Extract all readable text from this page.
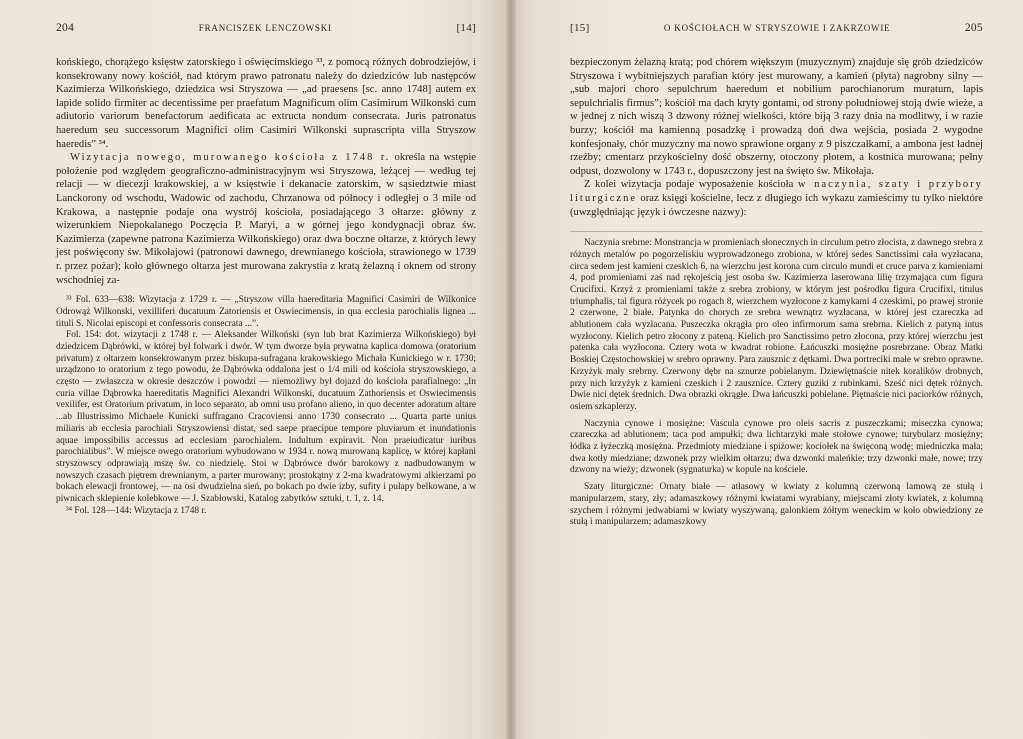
204	FRANCISZEK LENCZOWSKI	[14]

końskiego, chorążego księstw zatorskiego i oświęcimskiego ³³, z pomocą różnych dobrodziejów, i konsekrowany nowy kościół, nad którym prawo patronatu należy do dziedziców lub następców Kazimierza Wilkońskiego, dziedzica wsi Stryszowa — „ad praesens [sc. anno 1748] autem ex lapide solido firmiter ac decentissime per praefatum Magnificum olim Casimirum Wilkonski cum adiutorio variorum benefactorum aedificata ac extructa nondum consecrata. Juris patronatus haeredum seu successorum Magnifici olim Casimiri Wilkonski suprascripta villa Stryszow haeredis” ³⁴.

Wizytacja nowego, murowanego kościoła z 1748 r. określa na wstępie położenie pod względem geograficzno-administracyjnym wsi Stryszowa, leżącej — według tej relacji — w diecezji krakowskiej, a w księstwie i dekanacie zatorskim, w sąsiedztwie miast Lanckorony od wschodu, Wadowic od zachodu, Chrzanowa od północy i odległej o 3 mile od Krakowa, a następnie podaje ona wystrój kościoła, posiadającego 3 ołtarze: główny z wizerunkiem Niepokalanego Poczęcia P. Maryi, a w górnej jego kondygnacji obraz św. Kazimierza (zapewne patrona Kazimierza Wilkońskiego) oraz dwa boczne ołtarze, z których lewy jest poświęcony św. Mikołajowi (patronowi dawnego, drewnianego kościoła, strawionego w 1739 r. przez pożar); koło głównego ołtarza jest murowana zakrystia z kratą żelazną i oknem od strony wschodniej za-

³³ Fol. 633—638: Wizytacja z 1729 r. — „Stryszow villa haereditaria Magnifici Casimiri de Wilkonice Odrowąż Wilkonski, vexilliferi ducatuum Zatoriensis et Oswiecimensis, in qua ecclesia parochialis lignea ... tituli S. Nicolai episcopi et confessoris consecrata ...”.

Fol. 154: dot. wizytacji z 1748 r. — Aleksander Wilkoński (syn lub brat Kazimierza Wilkońskiego) był dziedzicem Dąbrówki, w której był folwark i dwór. W tym dworze była prywatna kaplica domowa (oratorium privatum) z ołtarzem konsekrowanym przez biskupa-sufragana krakowskiego Michała Kunickiego w r. 1730; urządzono to oratorium z tego powodu, że Dąbrówka oddalona jest o 1/4 mili od kościoła stryszowskiego, a często — zwłaszcza w okresie deszczów i powodzi — niemożliwy był dojazd do kościoła parafialnego: „In curia villae Dąbrowka haereditatis Magnifici Alexandri Wilkonski, ducatuum Zathoriensis et Oswiecimensis vexilifer, est Oratorium privatum, in loco separato, ab omni usu profano alieno, in quo decenter adoratum altare ...ab Illustrissimo Michaele Kunicki suffragano Cracoviensi anno 1730 consecrato ... Quarta parte unius miliaris ab ecclesia parochiali Stryszowiensi distat, sed saepe praecipue tempore pluviarum et inundationis aquae impossibilis accessus ad ecclesiam parochialem. Indultum expiravit. Non praeiudicatur iuribus parochialibus”. W miejsce owego oratorium wybudowano w 1934 r. nową murowaną kaplicę, w której kapłani stryszowscy odprawiają mszę św. co niedzielę. Stoi w Dąbrówce dwór barokowy z nadbudowanym w nowszych czasach piętrem drewnianym, a parter murowany; prostokątny z 2-ma kwadratowymi alkierzami po bokach elewacji frontowej, — na osi dwudzielna sień, po bokach po dwie izby, sufity i pułapy belkowane, a w piwnicach sklepienie kolebkowe — J. Szabłowski, Katalog zabytków sztuki, t. 1, z. 14.

³⁴ Fol. 128—144: Wizytacja z 1748 r.

[15]	O KOŚCIOŁACH W STRYSZOWIE I ZAKRZOWIE	205

bezpieczonym żelazną kratą; pod chórem większym (muzycznym) znajduje się grób dziedziców Stryszowa i wybitniejszych parafian który jest murowany, a kamień (płyta) nagrobny silny — „sub majori choro sepulchrum haeredum et nobilium parochianorum muratum, lapis sepulchrialis firmus”; kościół ma dach kryty gontami, od strony południowej stoją dwie wieże, a w jednej z nich wiszą 3 dzwony różnej wielkości, które biją 3 razy dnia na modlitwy, i w razie burzy; kościół ma kamienną posadzkę i prowadzą doń dwa wejścia, posiada 2 wygodne konfesjonały, chór muzyczny ma nowo sprawione organy z 9 piszczałkami, a ambona jest ładnej rzeźby; cmentarz przykościelny dość obszerny, otoczony płotem, a kostnica murowana; pełny odpust, dozwolony w 1743 r., dopuszczony jest na święto św. Mikołaja.

Z kolei wizytacja podaje wyposażenie kościoła w naczynia, szaty i przybory liturgiczne oraz księgi kościelne, lecz z długiego ich wykazu zamieścimy tu tylko niektóre (uwzględniając język i ówczesne nazwy):

Naczynia srebrne: Monstrancja w promieniach słonecznych in circulum petro złocista, z dawnego srebra z różnych metalów po pogorzeliskiu wyprowadzonego zrobiona, w której sedes Sanctissimi cała wyzłacana, circa sedem jest kamieni czeskich 6, na wierzchu jest korona cum circulo mundi et cruce parva z kamieniami 4, pod promieniami zaś nad rękojeścią jest osoba św. Kazimierza laserowana lilię trzymająca cum figura Crucifixi. Krzyż z promieniami także z srebra zrobiony, w którym jest pośrodku figura Crucifixi, titulus triumphalis, tal figura różycek po rogach 8, wierzchem wyzłocone z kamykami 4 czeskimi, po prawej stronie 2 czerwone, 2 białe. Patynka do chorych ze srebra wewnątrz wyzłacana, w której jest czareczka ad ablutionem cała wyzłacana. Puszeczka okrągła pro oleo infirmorum sama srebrna. Kielich z patyną intus wyzłocony. Kielich petro złocony z pateną. Kielich pro Sanctissimo petro złocona, przy której wierzchu jest patenka cała wyzłocona. Cztery wota w kwadrat robione. Łańcuszki mosiężne posrebrzane. Obraz Matki Boskiej Częstochowskiej w srebro oprawny. Para zausznic z dętkami. Dwa portreciki małe w srebro oprawne. Krzyżyk mały srebrny. Czerwony dębr na sznurze pobielanym. Dziewiętnaście nitek koralików drobnych, przy nich krzyżyk z kamieni czeskich i 2 zausznice. Cztery guziki z rubinkami. Sześć nici dętek różnych. Dwie nici dętek średnich. Dwa obrazki okrągłe. Dwa łańcuszki pobielane. Piętnaście nici paciorków różnych, osiem szkaplerzy.

Naczynia cynowe i mosiężne: Vascula cynowe pro oleis sacris z puszeczkami; miseczka cynowa; czareczka ad ablutionem; taca pod ampułki; dwa lichtarzyki małe stołowe cynowe; turybularz mosiężny; łódka z łyżeczką mosiężna. Przedmioty miedziane i spiżowe: kociołek na święconą wodę; miedniczka mała; dwa kotły miedziane; dzwonek przy wielkim ołtarzu; dwa dzwonki maleńkie; trzy dzwonki małe, nowe; trzy dzwony na wieży; dzwonek (sygnaturka) w kopule na kościele.

Szaty liturgiczne: Ornaty białe — atłasowy w kwiaty z kolumną czerwoną lamową ze stułą i manipularzem, stary, zły; adamaszkowy różnymi kwiatami wyrabiany, miejscami złoty kwiatek, z kolumną szychem i różnymi jedwabiami w kwiaty wyszywaną, galonkiem żółtym weneckim w koło obwiedziony ze stułą i manipularzem; adamaszkowy
